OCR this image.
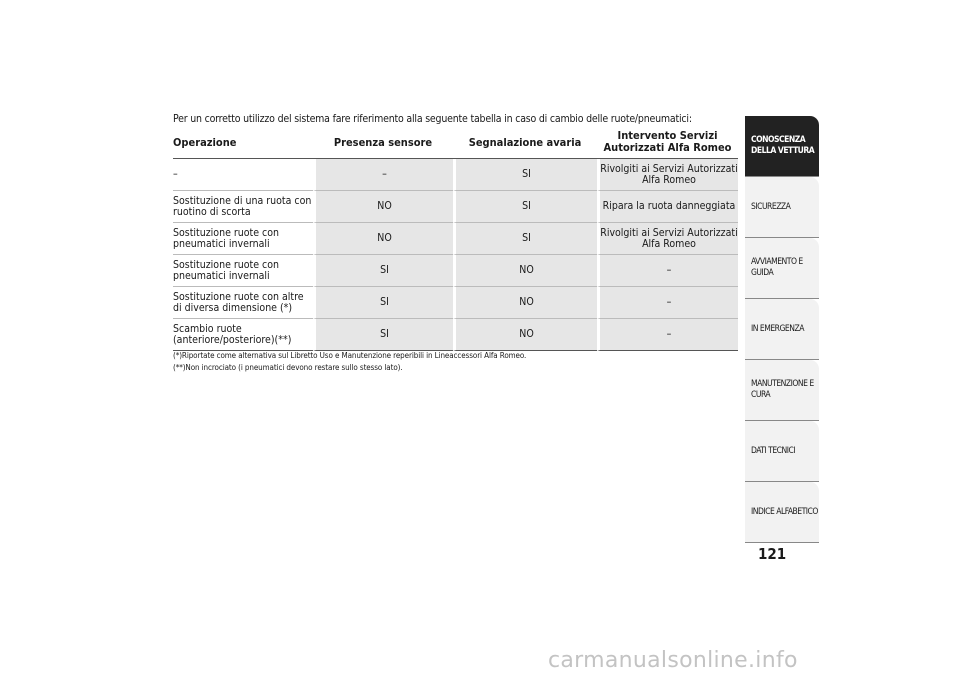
Per un corretto utilizzo del sistema fare riferimento alla seguente tabella in caso di cambio delle ruote/pneumatici:
Operazione	Presenza sensore	Segnalazione avaria	Intervento Servizi Autorizzati Alfa Romeo
–	–	SI	Rivolgiti ai Servizi Autorizzati Alfa Romeo
Sostituzione di una ruota con ruotino di scorta	NO	SI	Ripara la ruota danneggiata
Sostituzione ruote con pneumatici invernali	NO	SI	Rivolgiti ai Servizi Autorizzati Alfa Romeo
Sostituzione ruote con pneumatici invernali	SI	NO	–
Sostituzione ruote con altre di diversa dimensione (*)	SI	NO	–
Scambio ruote (anteriore/posteriore)(**)	SI	NO	–
(*)Riportate come alternativa sul Libretto Uso e Manutenzione reperibili in Lineaccessori Alfa Romeo.
(**)Non incrociato (i pneumatici devono restare sullo stesso lato).
CONOSCENZA DELLA VETTURA
SICUREZZA
AVVIAMENTO E GUIDA
IN EMERGENZA
MANUTENZIONE E CURA
DATI TECNICI
INDICE ALFABETICO
121
carmanualsonline.info
